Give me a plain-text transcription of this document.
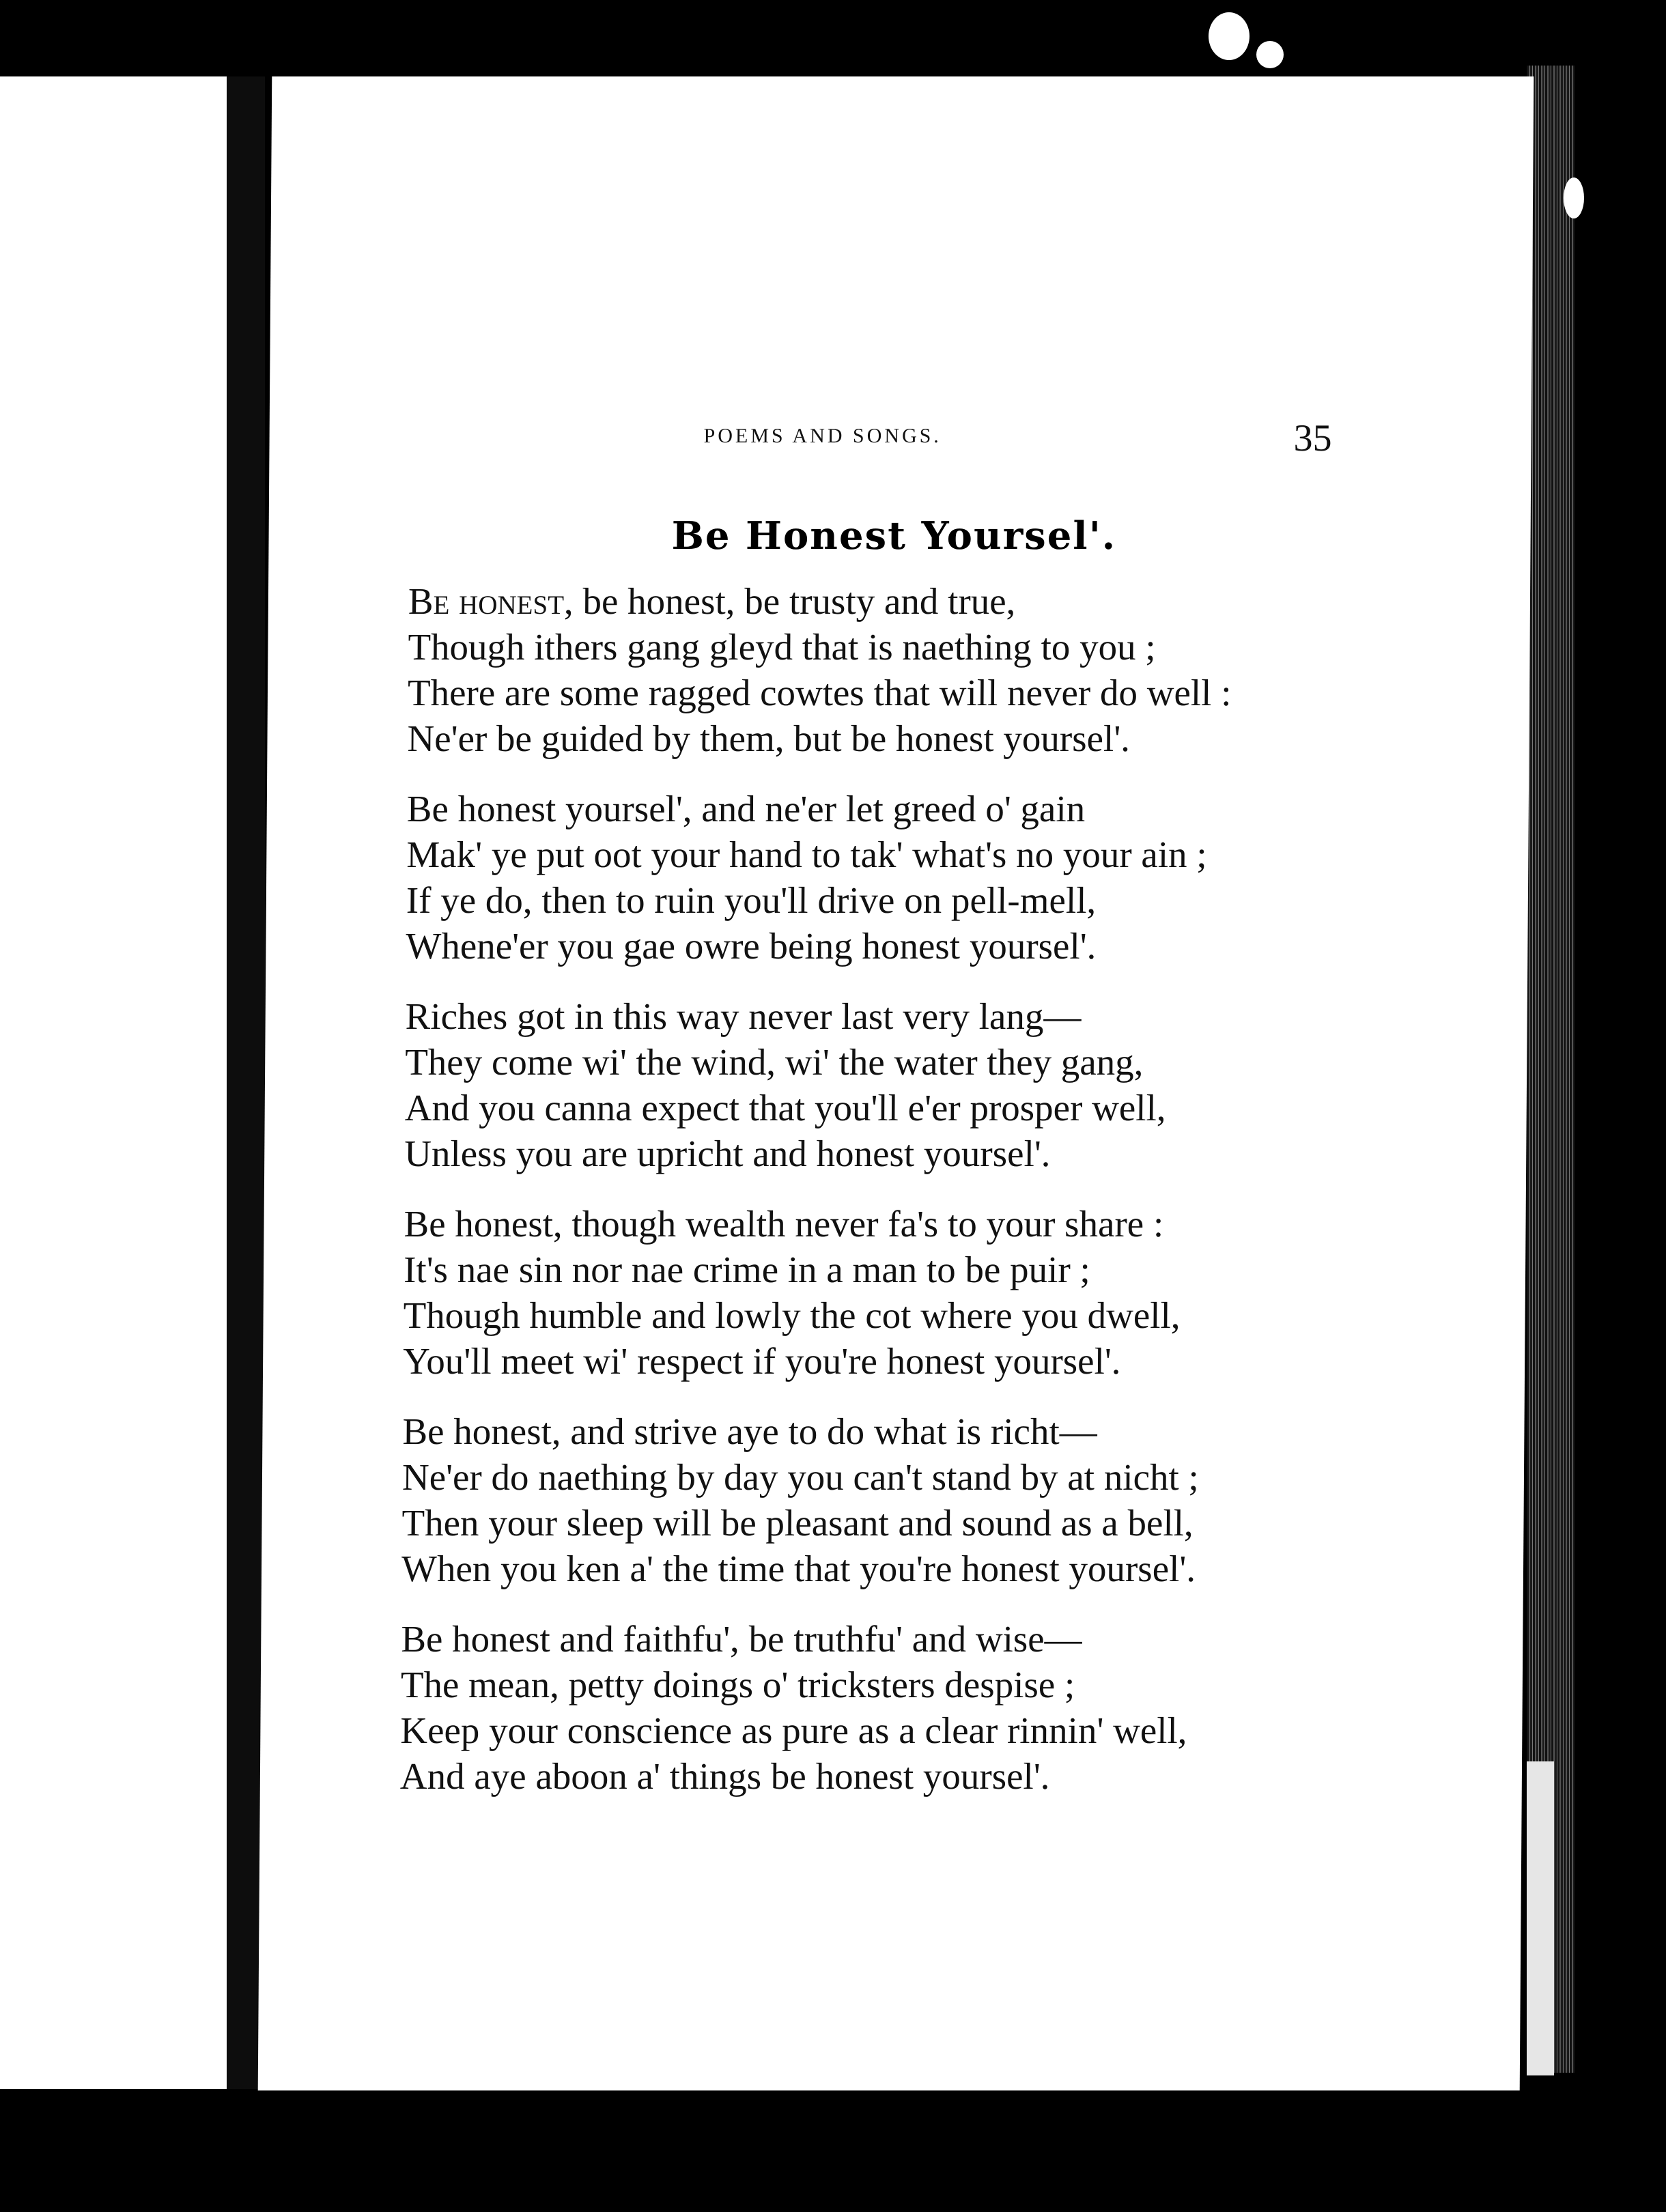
POEMS AND SONGS.	35
Be Honest Yoursel'.
Be honest, be honest, be trusty and true,
Though ithers gang gleyd that is naething to you ;
There are some ragged cowtes that will never do well :
Ne'er be guided by them, but be honest yoursel'.
Be honest yoursel', and ne'er let greed o' gain
Mak' ye put oot your hand to tak' what's no your ain ;
If ye do, then to ruin you'll drive on pell-mell,
Whene'er you gae owre being honest yoursel'.
Riches got in this way never last very lang—
They come wi' the wind, wi' the water they gang,
And you canna expect that you'll e'er prosper well,
Unless you are upricht and honest yoursel'.
Be honest, though wealth never fa's to your share :
It's nae sin nor nae crime in a man to be puir ;
Though humble and lowly the cot where you dwell,
You'll meet wi' respect if you're honest yoursel'.
Be honest, and strive aye to do what is richt—
Ne'er do naething by day you can't stand by at nicht ;
Then your sleep will be pleasant and sound as a bell,
When you ken a' the time that you're honest yoursel'.
Be honest and faithfu', be truthfu' and wise—
The mean, petty doings o' tricksters despise ;
Keep your conscience as pure as a clear rinnin' well,
And aye aboon a' things be honest yoursel'.
